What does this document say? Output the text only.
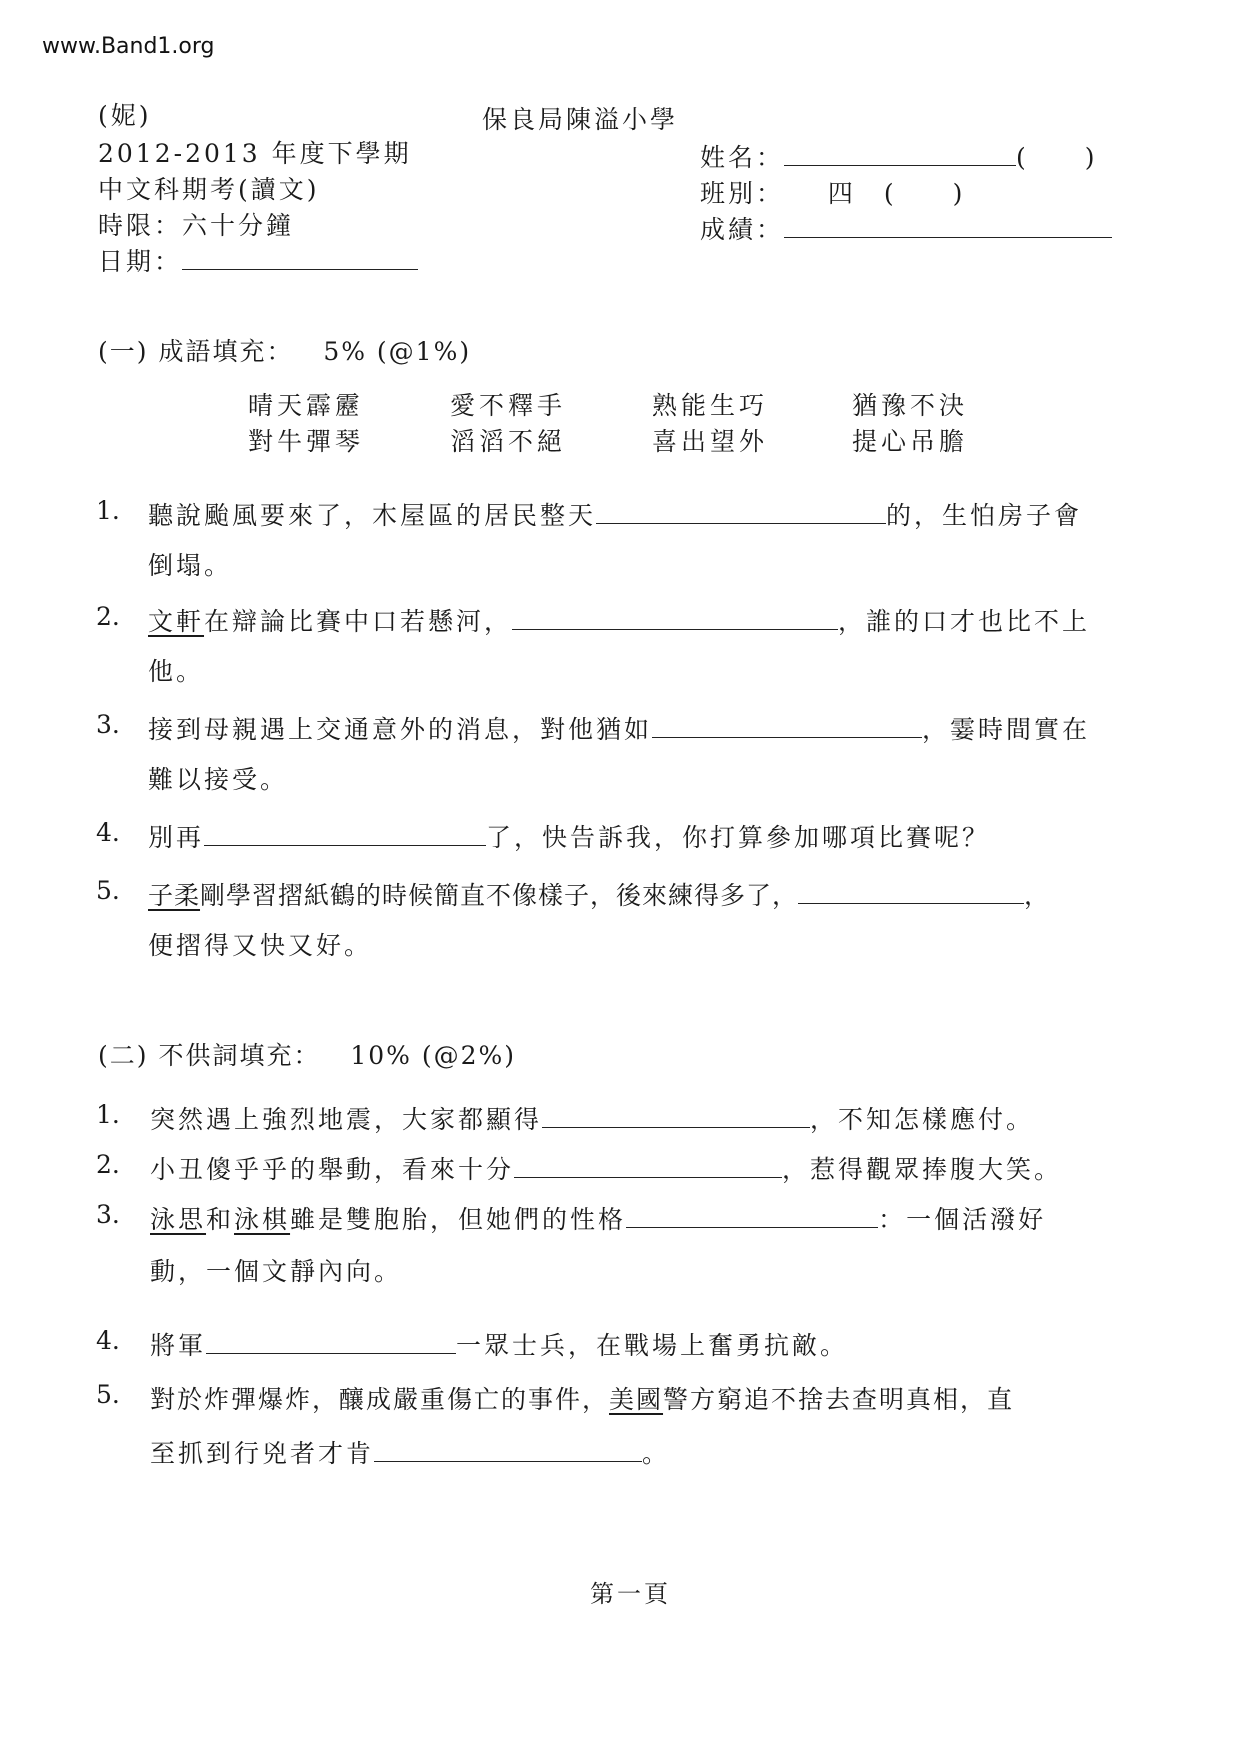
www.Band1.org
(妮)
2012-2013 年度下學期
中文科期考(讀文)
時限：六十分鐘
日期：
保良局陳溢小學
姓名：	(　　)
班別： 四　(　　)
成績：
(一) 成語填充： 5% (@1%)
晴天霹靂	愛不釋手	熟能生巧	猶豫不決
對牛彈琴	滔滔不絕	喜出望外	提心吊膽
1. 聽說颱風要來了，木屋區的居民整天	的，生怕房子會
倒塌。
2. 文軒在辯論比賽中口若懸河，	，誰的口才也比不上
他。
3. 接到母親遇上交通意外的消息，對他猶如	，霎時間實在
難以接受。
4. 別再	了，快告訴我，你打算參加哪項比賽呢？
5. 子柔剛學習摺紙鶴的時候簡直不像樣子，後來練得多了，	，
便摺得又快又好。
(二) 不供詞填充： 10% (@2%)
1. 突然遇上強烈地震，大家都顯得	，不知怎樣應付。
2. 小丑傻乎乎的舉動，看來十分	，惹得觀眾捧腹大笑。
3. 泳思和泳棋雖是雙胞胎，但她們的性格	：一個活潑好
動，一個文靜內向。
4. 將軍	一眾士兵，在戰場上奮勇抗敵。
5. 對於炸彈爆炸，釀成嚴重傷亡的事件，美國警方窮追不捨去查明真相，直
至抓到行兇者才肯	。
第一頁
